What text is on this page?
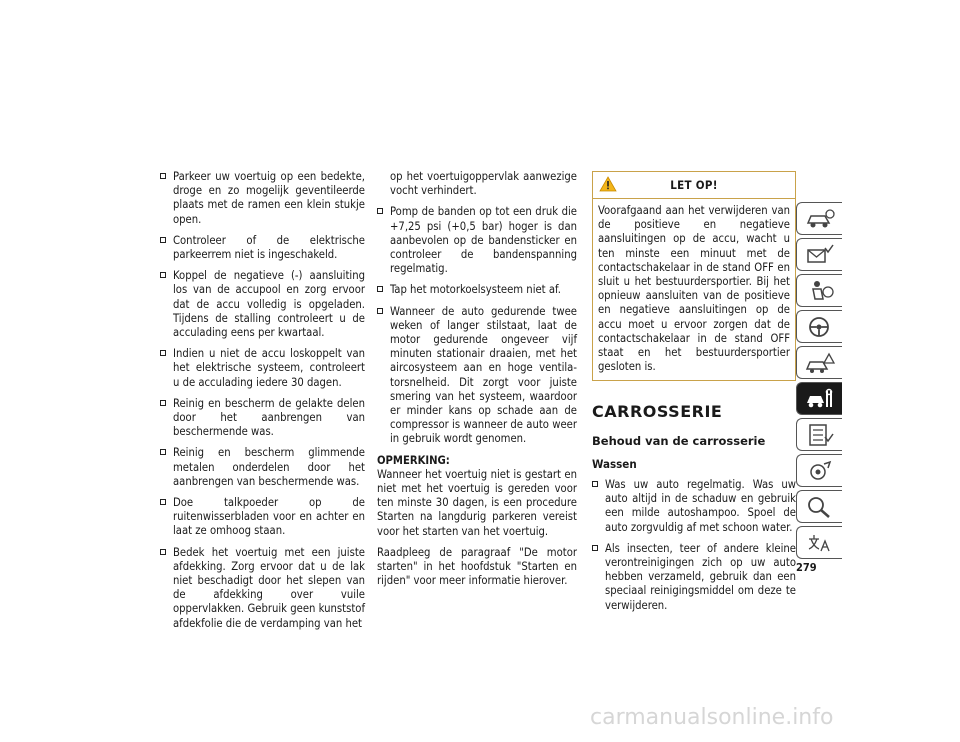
Parkeer uw voertuig op een bedekte, droge en zo mogelijk geventileerde plaats met de ramen een klein stukje open.

Controleer of de elektrische parkeerrem niet is ingeschakeld.

Koppel de negatieve (-) aansluiting los van de accupool en zorg ervoor dat de accu volledig is opgeladen. Tijdens de stalling controleert u de acculading eens per kwartaal.

Indien u niet de accu loskoppelt van het elektrische systeem, controleert u de acculading iedere 30 dagen.

Reinig en bescherm de gelakte delen door het aanbrengen van beschermende was.

Reinig en bescherm glimmende metalen onderdelen door het aanbrengen van beschermende was.

Doe talkpoeder op de ruitenwisserbladen voor en achter en laat ze omhoog staan.

Bedek het voertuig met een juiste afdekking. Zorg ervoor dat u de lak niet beschadigt door het slepen van de afdekking over vuile oppervlakken. Gebruik geen kunststof afdekfolie die de verdamping van het

op het voertuigoppervlak aanwezige vocht verhindert.

Pomp de banden op tot een druk die +7,25 psi (+0,5 bar) hoger is dan aanbevolen op de bandensticker en controleer de bandenspanning regelmatig.

Tap het motorkoelsysteem niet af.

Wanneer de auto gedurende twee weken of langer stilstaat, laat de motor gedurende ongeveer vijf minuten stationair draaien, met het aircosysteem aan en hoge ventilatorsnelheid. Dit zorgt voor juiste smering van het systeem, waardoor er minder kans op schade aan de compressor is wanneer de auto weer in gebruik wordt genomen.

OPMERKING:

Wanneer het voertuig niet is gestart en niet met het voertuig is gereden voor ten minste 30 dagen, is een procedure Starten na langdurig parkeren vereist voor het starten van het voertuig.

Raadpleeg de paragraaf "De motor starten" in het hoofdstuk "Starten en rijden" voor meer informatie hierover.

LET OP!
Voorafgaand aan het verwijderen van de positieve en negatieve aansluitingen op de accu, wacht u ten minste een minuut met de contactschakelaar in de stand OFF en sluit u het bestuurdersportier. Bij het opnieuw aansluiten van de positieve en negatieve aansluitingen op de accu moet u ervoor zorgen dat de contactschakelaar in de stand OFF staat en het bestuurdersportier gesloten is.
CARROSSERIE
Behoud van de carrosserie
Wassen

Was uw auto regelmatig. Was uw auto altijd in de schaduw en gebruik een milde autoshampoo. Spoel de auto zorgvuldig af met schoon water.

Als insecten, teer of andere kleine verontreinigingen zich op uw auto hebben verzameld, gebruik dan een speciaal reinigingsmiddel om deze te verwijderen.

279
carmanualsonline.info
